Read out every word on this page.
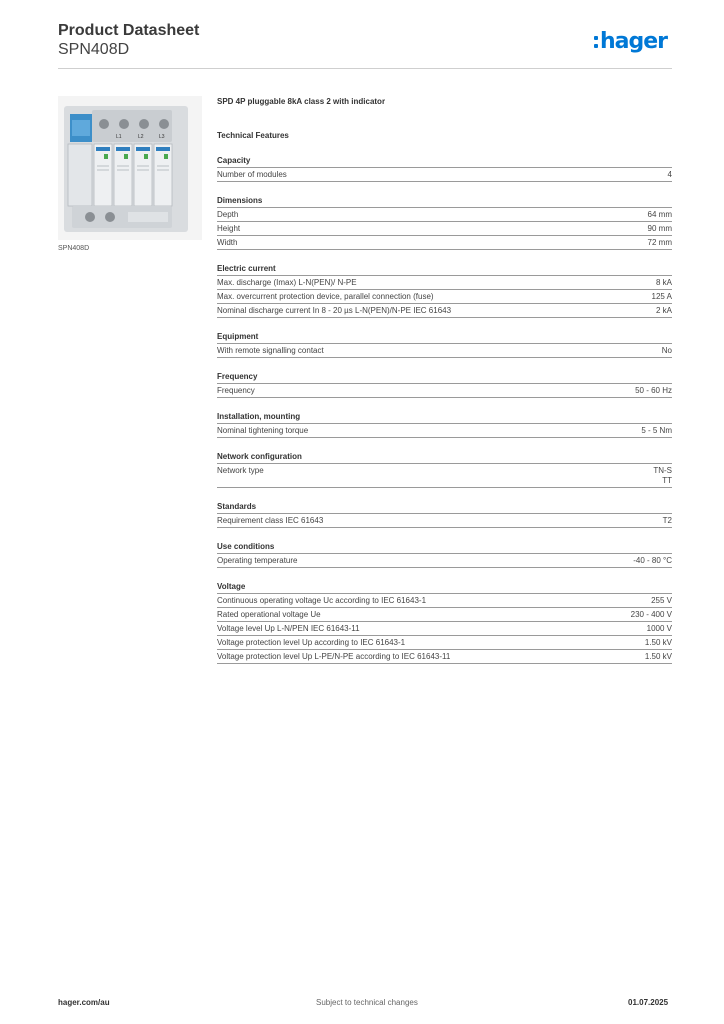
Product Datasheet
SPN408D	hager
L1	L2	L3
SPN408D
SPD 4P pluggable 8kA class 2 with indicator
Technical Features
Capacity
Number of modules	4
Dimensions
Depth	64 mm
Height	90 mm
Width	72 mm
Electric current
Max. discharge (Imax) L-N(PEN)/ N-PE	8 kA
Max. overcurrent protection device, parallel connection (fuse)	125 A
Nominal discharge current In 8 - 20 µs L-N(PEN)/N-PE IEC 61643	2 kA
Equipment
With remote signalling contact	No
Frequency
Frequency	50 - 60 Hz
Installation, mounting
Nominal tightening torque	5 - 5 Nm
Network configuration
Network type	TN-S
TT
Standards
Requirement class IEC 61643	T2
Use conditions
Operating temperature	-40 - 80 °C
Voltage
Continuous operating voltage Uc according to IEC 61643-1	255 V
Rated operational voltage Ue	230 - 400 V
Voltage level Up L-N/PEN IEC 61643-11	1000 V
Voltage protection level Up according to IEC 61643-1	1.50 kV
Voltage protection level Up L-PE/N-PE according to IEC 61643-11	1.50 kV
hager.com/au	Subject to technical changes	01.07.2025
